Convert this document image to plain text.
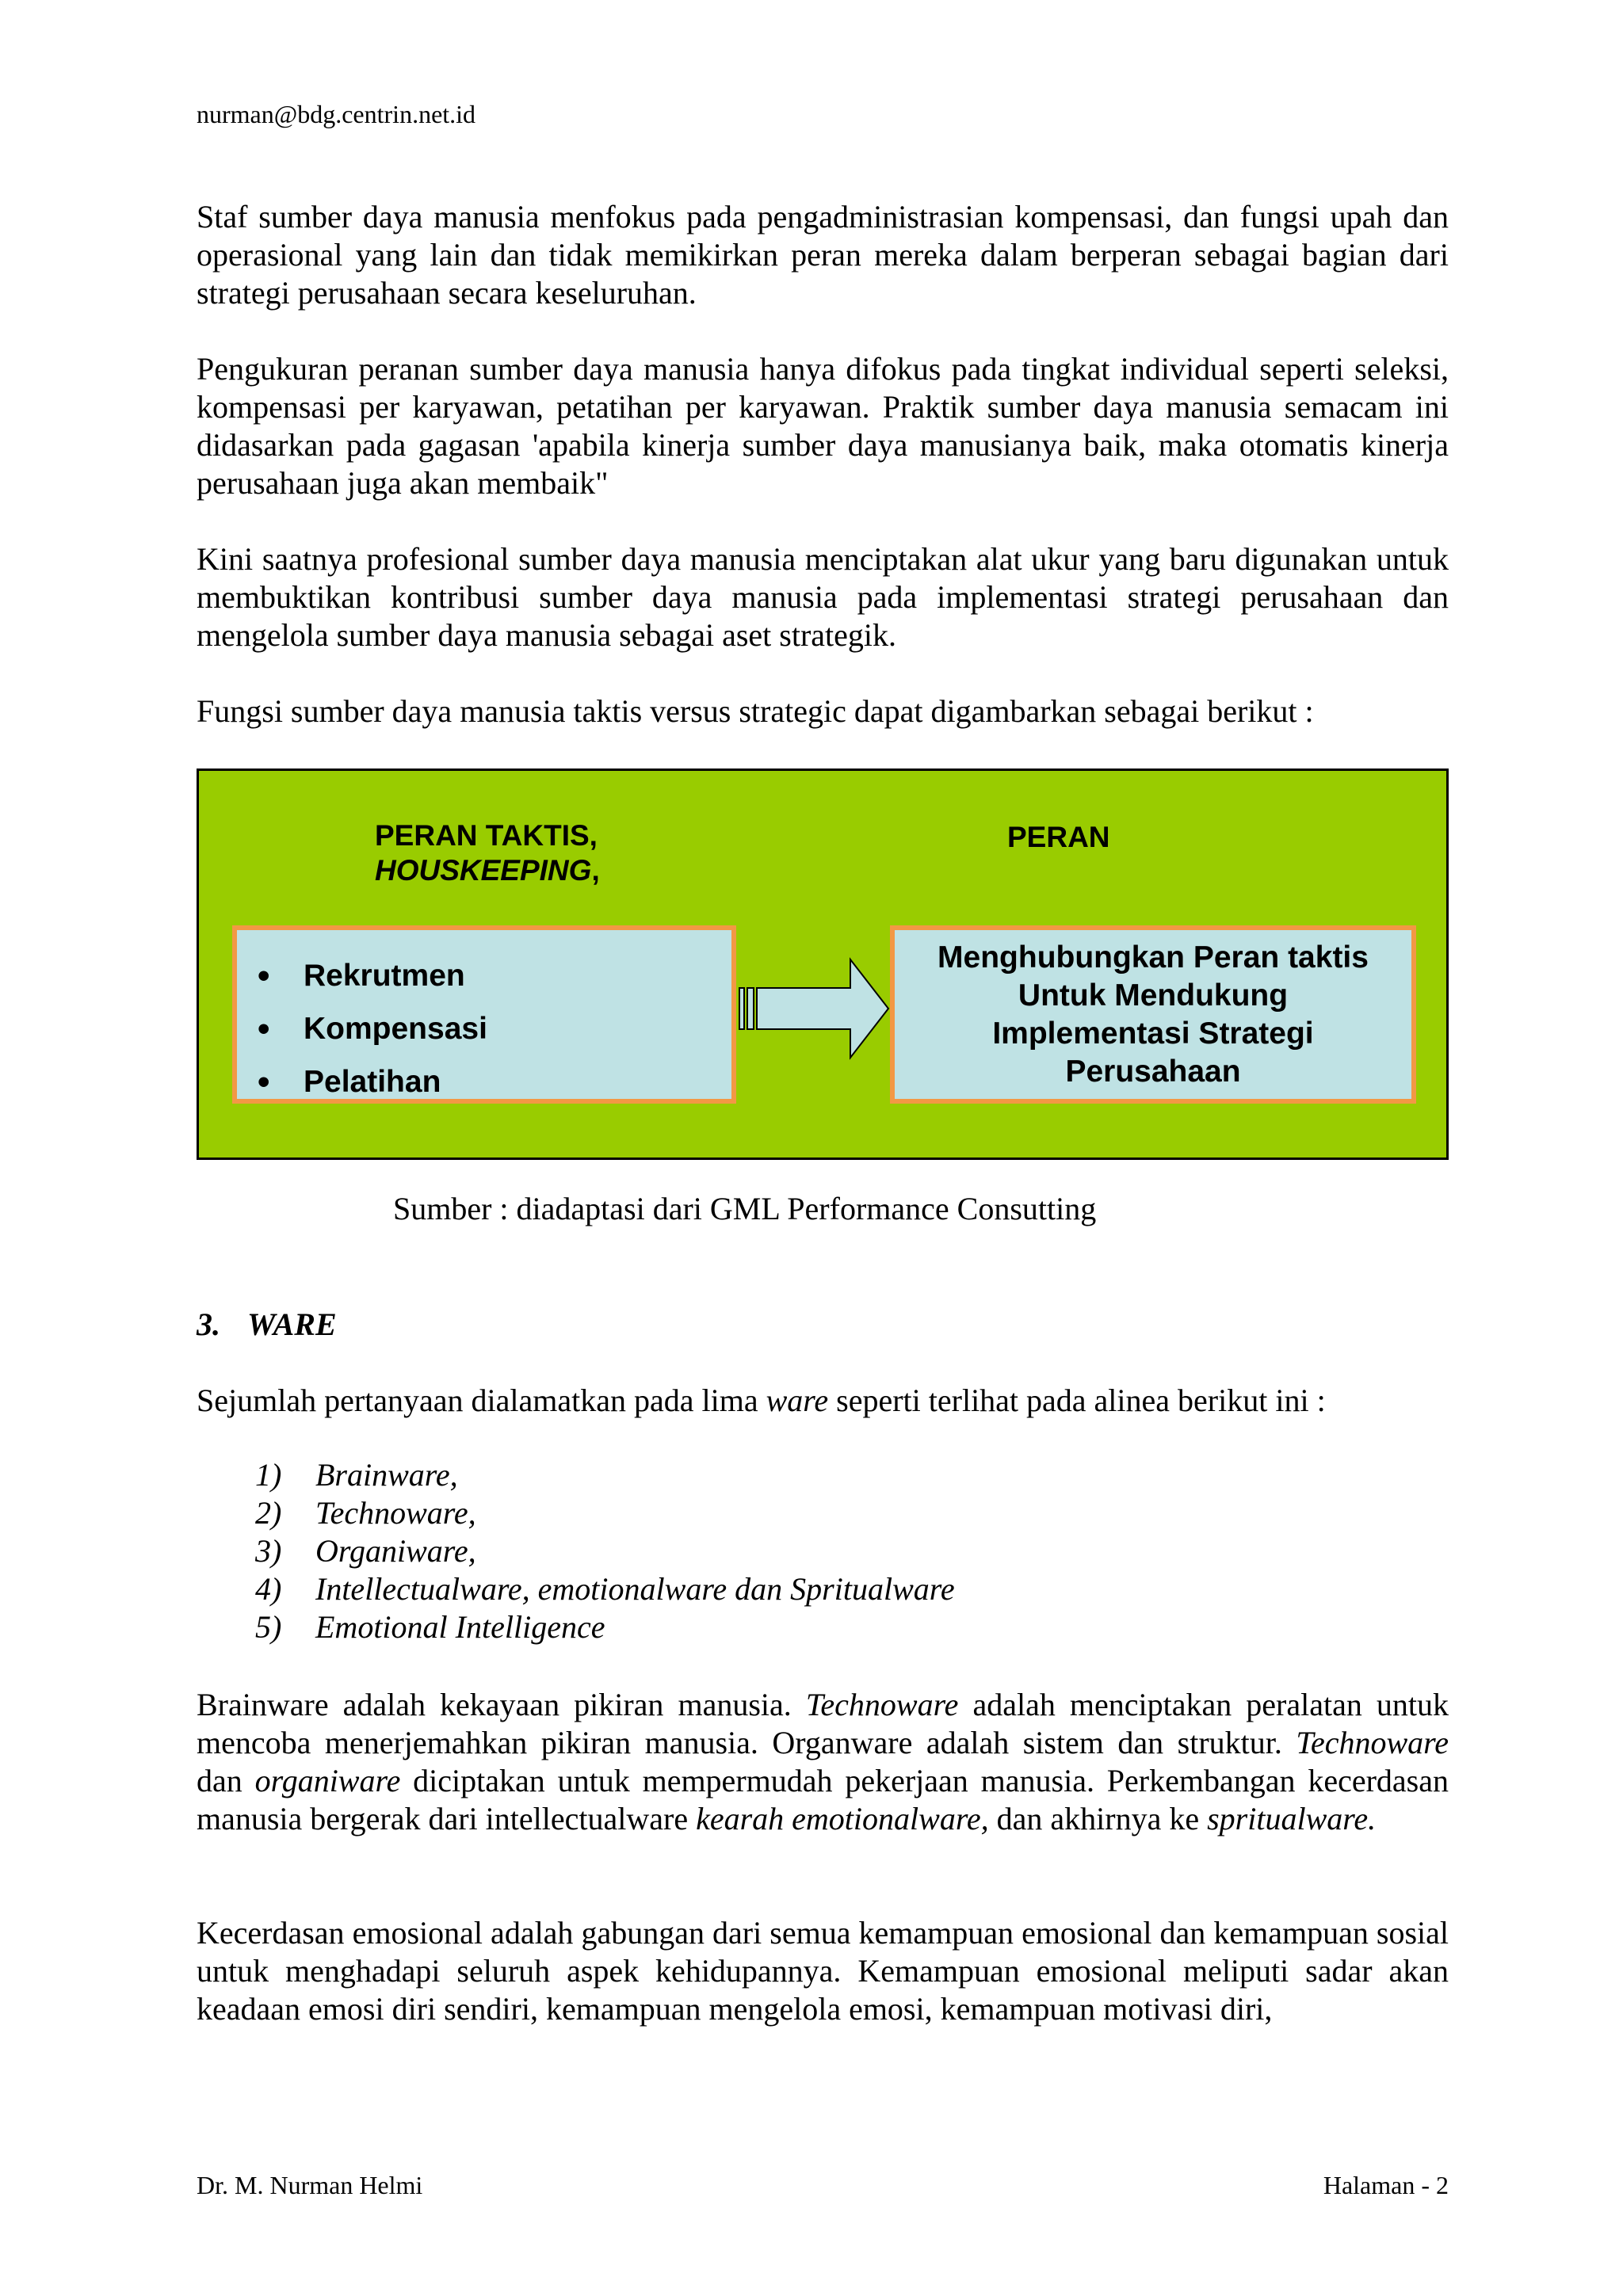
nurman@bdg.centrin.net.id

Staf sumber daya manusia menfokus pada pengadministrasian kompensasi, dan fungsi upah dan operasional yang lain dan tidak memikirkan peran mereka dalam berperan sebagai bagian dari strategi perusahaan secara keseluruhan.

Pengukuran peranan sumber daya manusia hanya difokus pada tingkat individual seperti seleksi, kompensasi per karyawan, petatihan per karyawan. Praktik sumber daya manusia semacam ini didasarkan pada gagasan 'apabila kinerja sumber daya manusianya baik, maka otomatis kinerja perusahaan juga akan membaik"

Kini saatnya profesional sumber daya manusia menciptakan alat ukur yang baru digunakan untuk membuktikan kontribusi sumber daya manusia pada implementasi strategi perusahaan dan mengelola sumber daya manusia sebagai aset strategik.

Fungsi sumber daya manusia taktis versus strategic dapat digambarkan sebagai berikut :

PERAN TAKTIS,
HOUSKEEPING,
PERAN
• Rekrutmen
• Kompensasi
• Pelatihan
Menghubungkan Peran taktis Untuk Mendukung Implementasi Strategi Perusahaan
Sumber : diadaptasi dari GML Performance Consutting
3. WARE

Sejumlah pertanyaan dialamatkan pada lima ware seperti terlihat pada alinea berikut ini :

1) Brainware,
2) Technoware,
3) Organiware,
4) Intellectualware, emotionalware dan Spritualware
5) Emotional Intelligence

Brainware adalah kekayaan pikiran manusia. Technoware adalah menciptakan peralatan untuk mencoba menerjemahkan pikiran manusia. Organware adalah sistem dan struktur. Technoware dan organiware diciptakan untuk mempermudah pekerjaan manusia. Perkembangan kecerdasan manusia bergerak dari intellectualware kearah emotionalware, dan akhirnya ke spritualware.

Kecerdasan emosional adalah gabungan dari semua kemampuan emosional dan kemampuan sosial untuk menghadapi seluruh aspek kehidupannya. Kemampuan emosional meliputi sadar akan keadaan emosi diri sendiri, kemampuan mengelola emosi, kemampuan motivasi diri,

Dr. M. Nurman Helmi	Halaman - 2
